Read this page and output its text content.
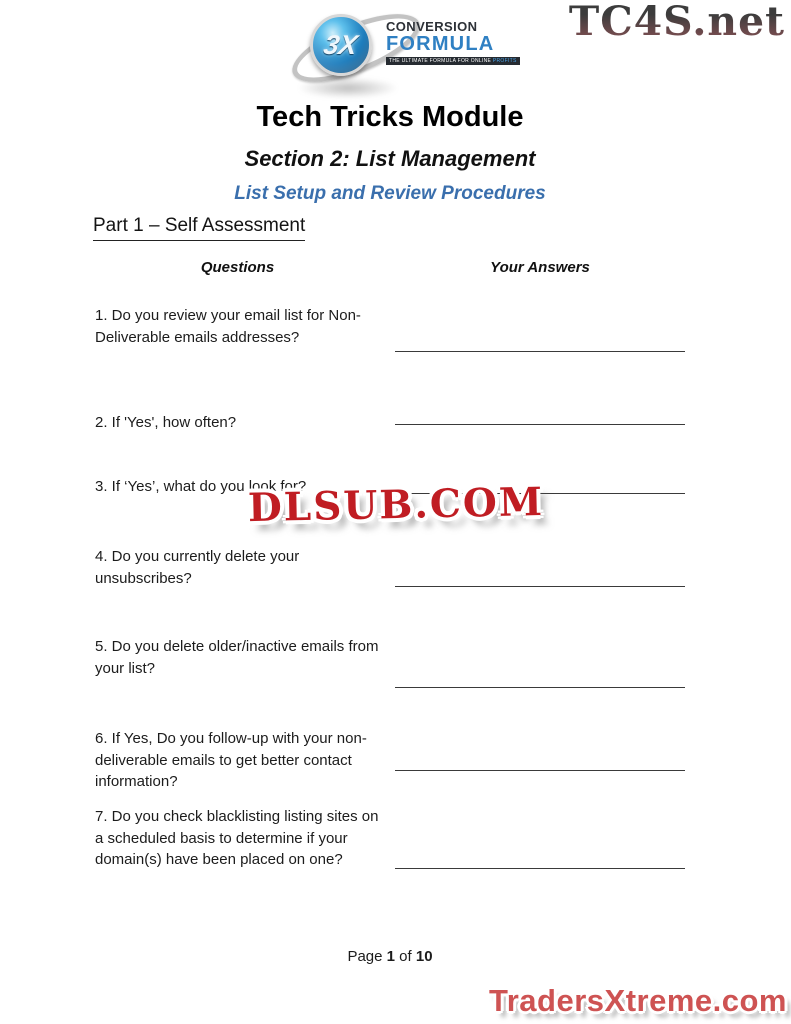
TC4S.net
3X
CONVERSION
FORMULA
THE ULTIMATE FORMULA FOR ONLINE PROFITS
Tech Tricks Module
Section 2: List Management
List Setup and Review Procedures
Part 1 – Self Assessment
Questions	Your Answers
1. Do you review your email list for Non-Deliverable emails addresses?
2. If 'Yes', how often?
3. If ‘Yes’, what do you look for?
4. Do you currently delete your unsubscribes?
5. Do you delete older/inactive emails from your list?
6. If Yes, Do you follow-up with your non-deliverable emails to get better contact information?
7. Do you check blacklisting listing sites on a scheduled basis to determine if your domain(s) have been placed on one?
DLSUB.COM
Page 1 of 10
TradersXtreme.com
